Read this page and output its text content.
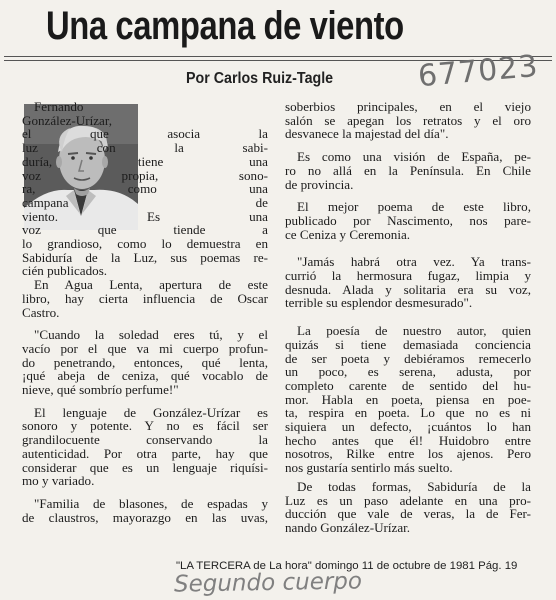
Una campana de viento
Por Carlos Ruiz-Tagle	677023

Fernando
González-Urízar,
el que asocia la
luz con la sabi-
duría, tiene una
voz propia, sono-
ra, como una
campana de
viento. Es una
voz que tiende a

lo grandioso, como lo demuestra en
Sabiduría de la Luz, sus poemas re-
cién publicados.

En Agua Lenta, apertura de este
libro, hay cierta influencia de Oscar
Castro.

"Cuando la soledad eres tú, y el
vacío por el que va mi cuerpo profun-
do penetrando, entonces, qué lenta,
¡qué abeja de ceniza, qué vocablo de
nieve, qué sombrío perfume!"

El lenguaje de González-Urízar es
sonoro y potente. Y no es fácil ser
grandilocuente conservando la
autenticidad. Por otra parte, hay que
considerar que es un lenguaje riquísi-
mo y variado.

"Familia de blasones, de espadas y
de claustros, mayorazgo en las uvas,

soberbios principales, en el viejo
salón se apegan los retratos y el oro
desvanece la majestad del día".

Es como una visión de España, pe-
ro no allá en la Península. En Chile
de provincia.

El mejor poema de este libro,
publicado por Nascimento, nos pare-
ce Ceniza y Ceremonia.

"Jamás habrá otra vez. Ya trans-
currió la hermosura fugaz, limpia y
desnuda. Alada y solitaria era su voz,
terrible su esplendor desmesurado".

La poesía de nuestro autor, quien
quizás si tiene demasiada conciencia
de ser poeta y debiéramos remecerlo
un poco, es serena, adusta, por
completo carente de sentido del hu-
mor. Habla en poeta, piensa en poe-
ta, respira en poeta. Lo que no es ni
siquiera un defecto, ¡cuántos lo han
hecho antes que él! Huidobro entre
nosotros, Rilke entre los ajenos. Pero
nos gustaría sentirlo más suelto.

De todas formas, Sabiduría de la
Luz es un paso adelante en una pro-
ducción que vale de veras, la de Fer-
nando González-Urízar.

"LA TERCERA de La hora" domingo 11 de octubre de 1981 Pág. 19
Segundo cuerpo
